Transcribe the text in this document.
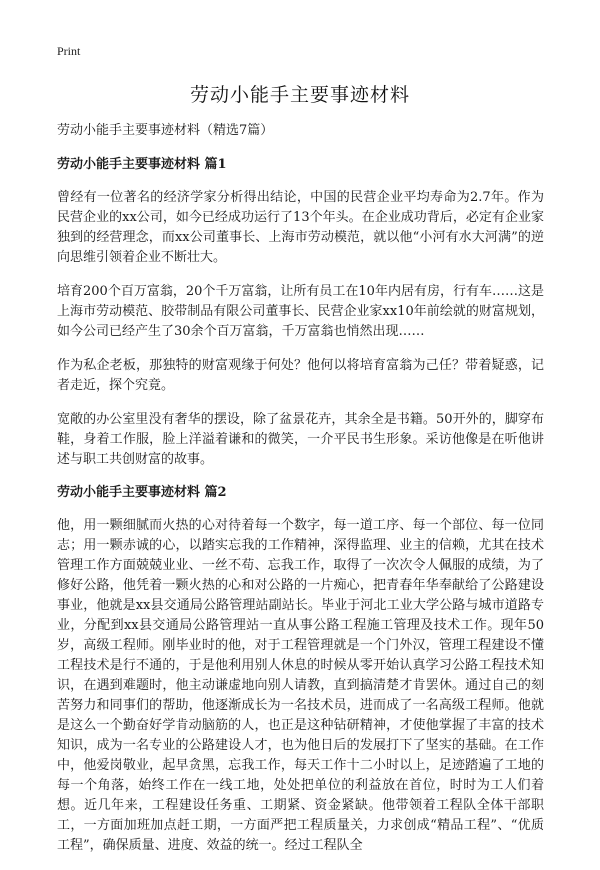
Print
劳动小能手主要事迹材料

劳动小能手主要事迹材料（精选7篇）

劳动小能手主要事迹材料 篇1

曾经有一位著名的经济学家分析得出结论，中国的民营企业平均寿命为2.7年。作为民营企业的xx公司，如今已经成功运行了13个年头。在企业成功背后，必定有企业家独到的经营理念，而xx公司董事长、上海市劳动模范，就以他“小河有水大河满”的逆向思维引领着企业不断壮大。

培育200个百万富翁，20个千万富翁，让所有员工在10年内居有房，行有车……这是上海市劳动模范、胶带制品有限公司董事长、民营企业家xx10年前绘就的财富规划，如今公司已经产生了30余个百万富翁，千万富翁也悄然出现……

作为私企老板，那独特的财富观缘于何处？他何以将培育富翁为己任？带着疑惑，记者走近，探个究竟。

宽敞的办公室里没有奢华的摆设，除了盆景花卉，其余全是书籍。50开外的，脚穿布鞋，身着工作服，脸上洋溢着谦和的微笑，一介平民书生形象。采访他像是在听他讲述与职工共创财富的故事。

劳动小能手主要事迹材料 篇2

他，用一颗细腻而火热的心对待着每一个数字，每一道工序、每一个部位、每一位同志；用一颗赤诚的心，以踏实忘我的工作精神，深得监理、业主的信赖，尤其在技术管理工作方面兢兢业业、一丝不苟、忘我工作，取得了一次次令人佩服的成绩，为了修好公路，他凭着一颗火热的心和对公路的一片痴心，把青春年华奉献给了公路建设事业，他就是xx县交通局公路管理站副站长。毕业于河北工业大学公路与城市道路专业，分配到xx县交通局公路管理站一直从事公路工程施工管理及技术工作。现年50岁，高级工程师。刚毕业时的他，对于工程管理就是一个门外汉，管理工程建设不懂工程技术是行不通的，于是他利用别人休息的时候从零开始认真学习公路工程技术知识，在遇到难题时，他主动谦虚地向别人请教，直到搞清楚才肯罢休。通过自己的刻苦努力和同事们的帮助，他逐渐成长为一名技术员，进而成了一名高级工程师。他就是这么一个勤奋好学肯动脑筋的人，也正是这种钻研精神，才使他掌握了丰富的技术知识，成为一名专业的公路建设人才，也为他日后的发展打下了坚实的基础。在工作中，他爱岗敬业，起早贪黑，忘我工作，每天工作十二小时以上，足迹踏遍了工地的每一个角落，始终工作在一线工地，处处把单位的利益放在首位，时时为工人们着想。近几年来，工程建设任务重、工期紧、资金紧缺。他带领着工程队全体干部职工，一方面加班加点赶工期，一方面严把工程质量关，力求创成“精品工程”、“优质工程”，确保质量、进度、效益的统一。经过工程队全
